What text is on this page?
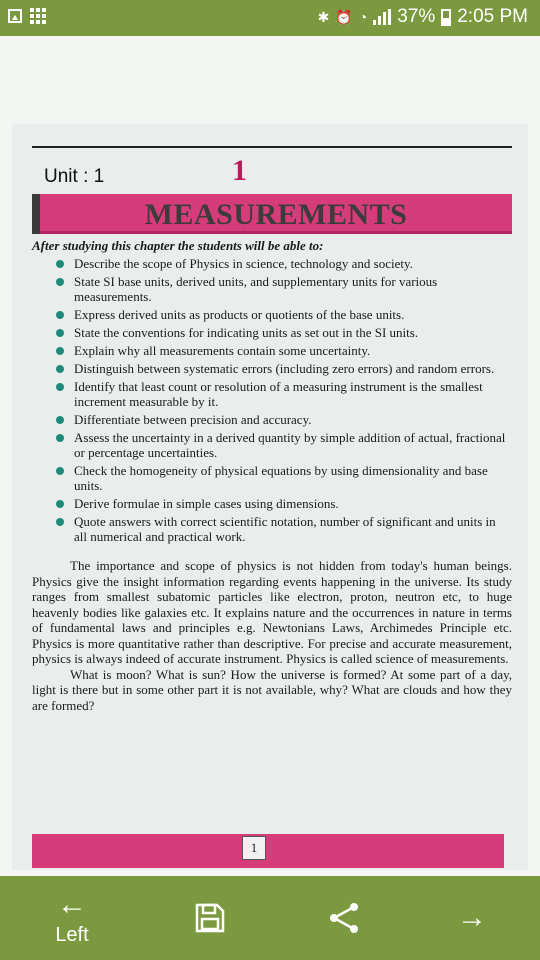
✱ ⏰ ◔ 37% 2:05 PM
Unit : 1	1
MEASUREMENTS
After studying this chapter the students will be able to:
Describe the scope of Physics in science, technology and society.
State SI base units, derived units, and supplementary units for various measurements.
Express derived units as products or quotients of the base units.
State the conventions for indicating units as set out in the SI units.
Explain why all measurements contain some uncertainty.
Distinguish between systematic errors (including zero errors) and random errors.
Identify that least count or resolution of a measuring instrument is the smallest increment measurable by it.
Differentiate between precision and accuracy.
Assess the uncertainty in a derived quantity by simple addition of actual, fractional or percentage uncertainties.
Check the homogeneity of physical equations by using dimensionality and base units.
Derive formulae in simple cases using dimensions.
Quote answers with correct scientific notation, number of significant and units in all numerical and practical work.

The importance and scope of physics is not hidden from today's human beings. Physics give the insight information regarding events happening in the universe. Its study ranges from smallest subatomic particles like electron, proton, neutron etc, to huge heavenly bodies like galaxies etc. It explains nature and the occurrences in nature in terms of fundamental laws and principles e.g. Newtonians Laws, Archimedes Principle etc. Physics is more quantitative rather than descriptive. For precise and accurate measurement, physics is always indeed of accurate instrument. Physics is called science of measurements.

What is moon? What is sun? How the universe is formed? At some part of a day, light is there but in some other part it is not available, why? What are clouds and how they are formed?

1
←
Left
→
